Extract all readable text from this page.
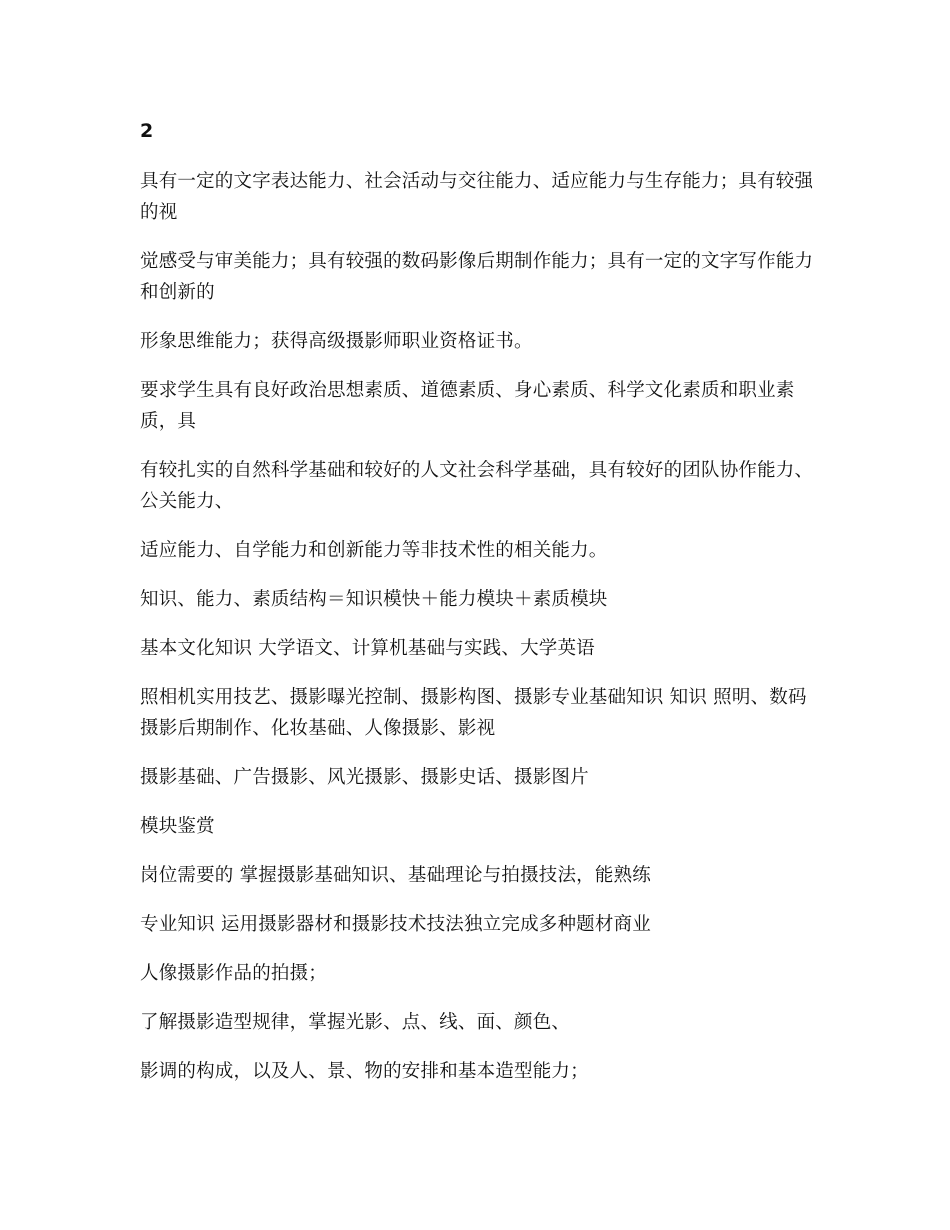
2

具有一定的文字表达能力、社会活动与交往能力、适应能力与生存能力；具有较强的视

觉感受与审美能力；具有较强的数码影像后期制作能力；具有一定的文字写作能力和创新的

形象思维能力；获得高级摄影师职业资格证书。

要求学生具有良好政治思想素质、道德素质、身心素质、科学文化素质和职业素质，具

有较扎实的自然科学基础和较好的人文社会科学基础，具有较好的团队协作能力、公关能力、

适应能力、自学能力和创新能力等非技术性的相关能力。

知识、能力、素质结构＝知识模快＋能力模块＋素质模块

基本文化知识 大学语文、计算机基础与实践、大学英语

照相机实用技艺、摄影曝光控制、摄影构图、摄影专业基础知识 知识 照明、数码摄影后期制作、化妆基础、人像摄影、影视

摄影基础、广告摄影、风光摄影、摄影史话、摄影图片

模块鉴赏

岗位需要的 掌握摄影基础知识、基础理论与拍摄技法，能熟练

专业知识 运用摄影器材和摄影技术技法独立完成多种题材商业

人像摄影作品的拍摄；

了解摄影造型规律，掌握光影、点、线、面、颜色、

影调的构成，以及人、景、物的安排和基本造型能力；
